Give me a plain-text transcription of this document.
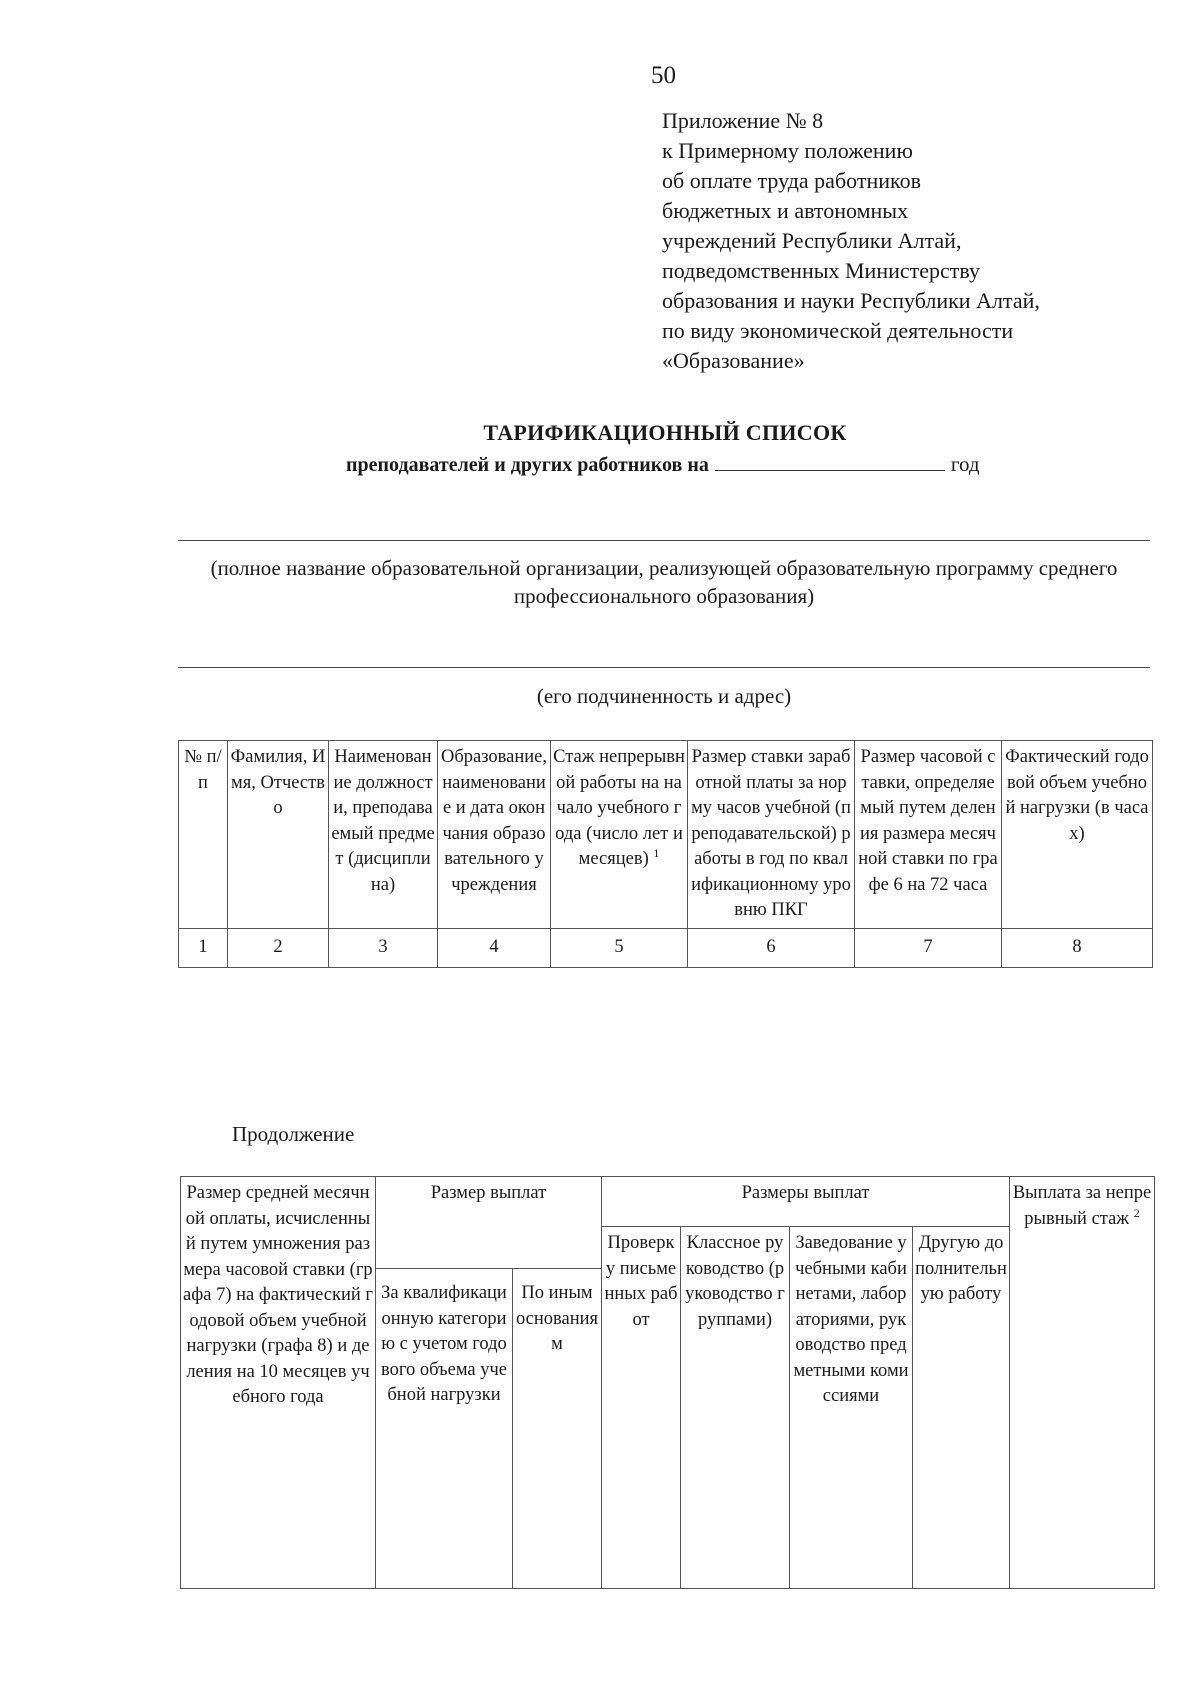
50
Приложение № 8
к Примерному положению
об оплате труда работников
бюджетных и автономных
учреждений Республики Алтай,
подведомственных Министерству
образования и науки Республики Алтай,
по виду экономической деятельности
«Образование»
ТАРИФИКАЦИОННЫЙ СПИСОК
преподавателей и других работников на	год
(полное название образовательной организации, реализующей образовательную программу среднего профессионального образования)
(его подчиненность и адрес)
№ п/п	Фамилия, Имя, Отчество	Наименование должности, преподаваемый предмет (дисциплина)	Образование, наименование и дата окончания образовательного учреждения	Стаж непрерывной работы на начало учебного года (число лет и месяцев) $^1$	Размер ставки заработной платы за норму часов учебной (преподавательской) работы в год по квалификационному уровню ПКГ	Размер часовой ставки, определяемый путем деления размера месячной ставки по графе 6 на 72 часа	Фактический годовой объем учебной нагрузки (в часах)
1	2	3	4	5	6	7	8
Продолжение
Размер средней месячной оплаты, исчисленный путем умножения размера часовой ставки (графа 7) на фактический годовой объем учебной нагрузки (графа 8) и деления на 10 месяцев учебного года	Размер выплат		Размеры выплат				Выплата за непрерывный стаж $^2$
			Проверку письменных работ	Классное руководство (руководство группами)	Заведование учебными кабинетами, лабораториями, руководство предметными комиссиями	Другую дополнительную работу	
	За квалификационную категорию с учетом годового объема учебной нагрузки	По иным основаниям					
